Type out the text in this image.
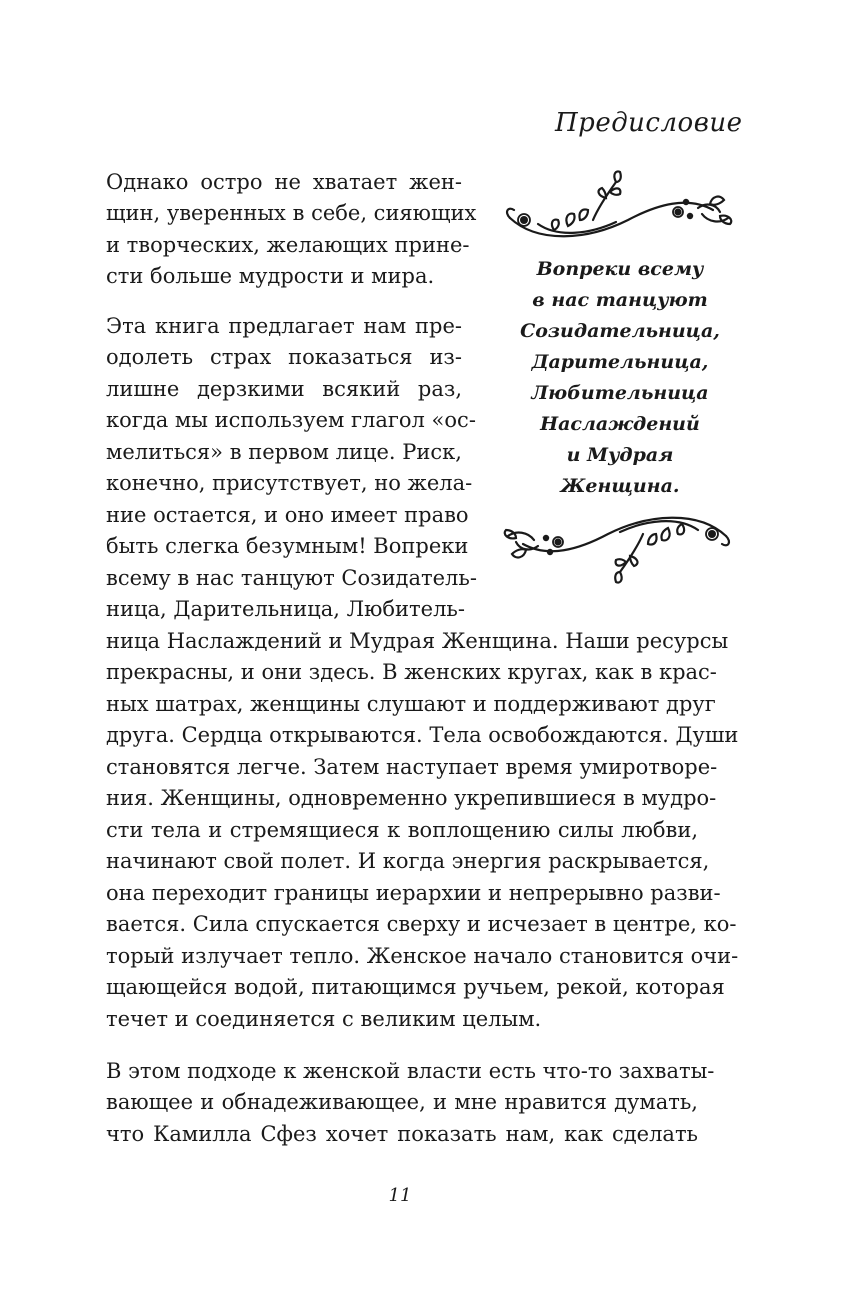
Предисловие
Однако остро не хватает жен-
щин, уверенных в себе, сияющих
и творческих, желающих принe-
сти больше мудрости и мира.
Эта книга предлагает нам пре-
одолеть страх показаться из-
лишне дерзкими всякий раз,
когда мы используем глагол «ос-
мелиться» в первом лице. Риск,
конечно, присутствует, но жела-
ние остается, и оно имеет право
быть слегка безумным! Вопреки
всему в нас танцуют Созидатель-
ница, Дарительница, Любитель-
ница Наслаждений и Мудрая Женщина. Наши ресурсы
прекрасны, и они здесь. В женских кругах, как в крас-
ных шатрах, женщины слушают и поддерживают друг
друга. Сердца открываются. Тела освобождаются. Души
становятся легче. Затем наступает время умиротворе-
ния. Женщины, одновременно укрепившиеся в мудро-
сти тела и стремящиеся к воплощению силы любви,
начинают свой полет. И когда энергия раскрывается,
она переходит границы иерархии и непрерывно разви-
вается. Сила спускается сверху и исчезает в центре, ко-
торый излучает тепло. Женское начало становится очи-
щающейся водой, питающимся ручьем, рекой, которая
течет и соединяется с великим целым.
В этом подходе к женской власти есть что-то захваты-
вающее и обнадеживающее, и мне нравится думать,
что Камилла Сфез хочет показать нам, как сделать
Вопреки всему
в нас танцуют
Созидательница,
Дарительница,
Любительница
Наслаждений
и Мудрая
Женщина.
11
